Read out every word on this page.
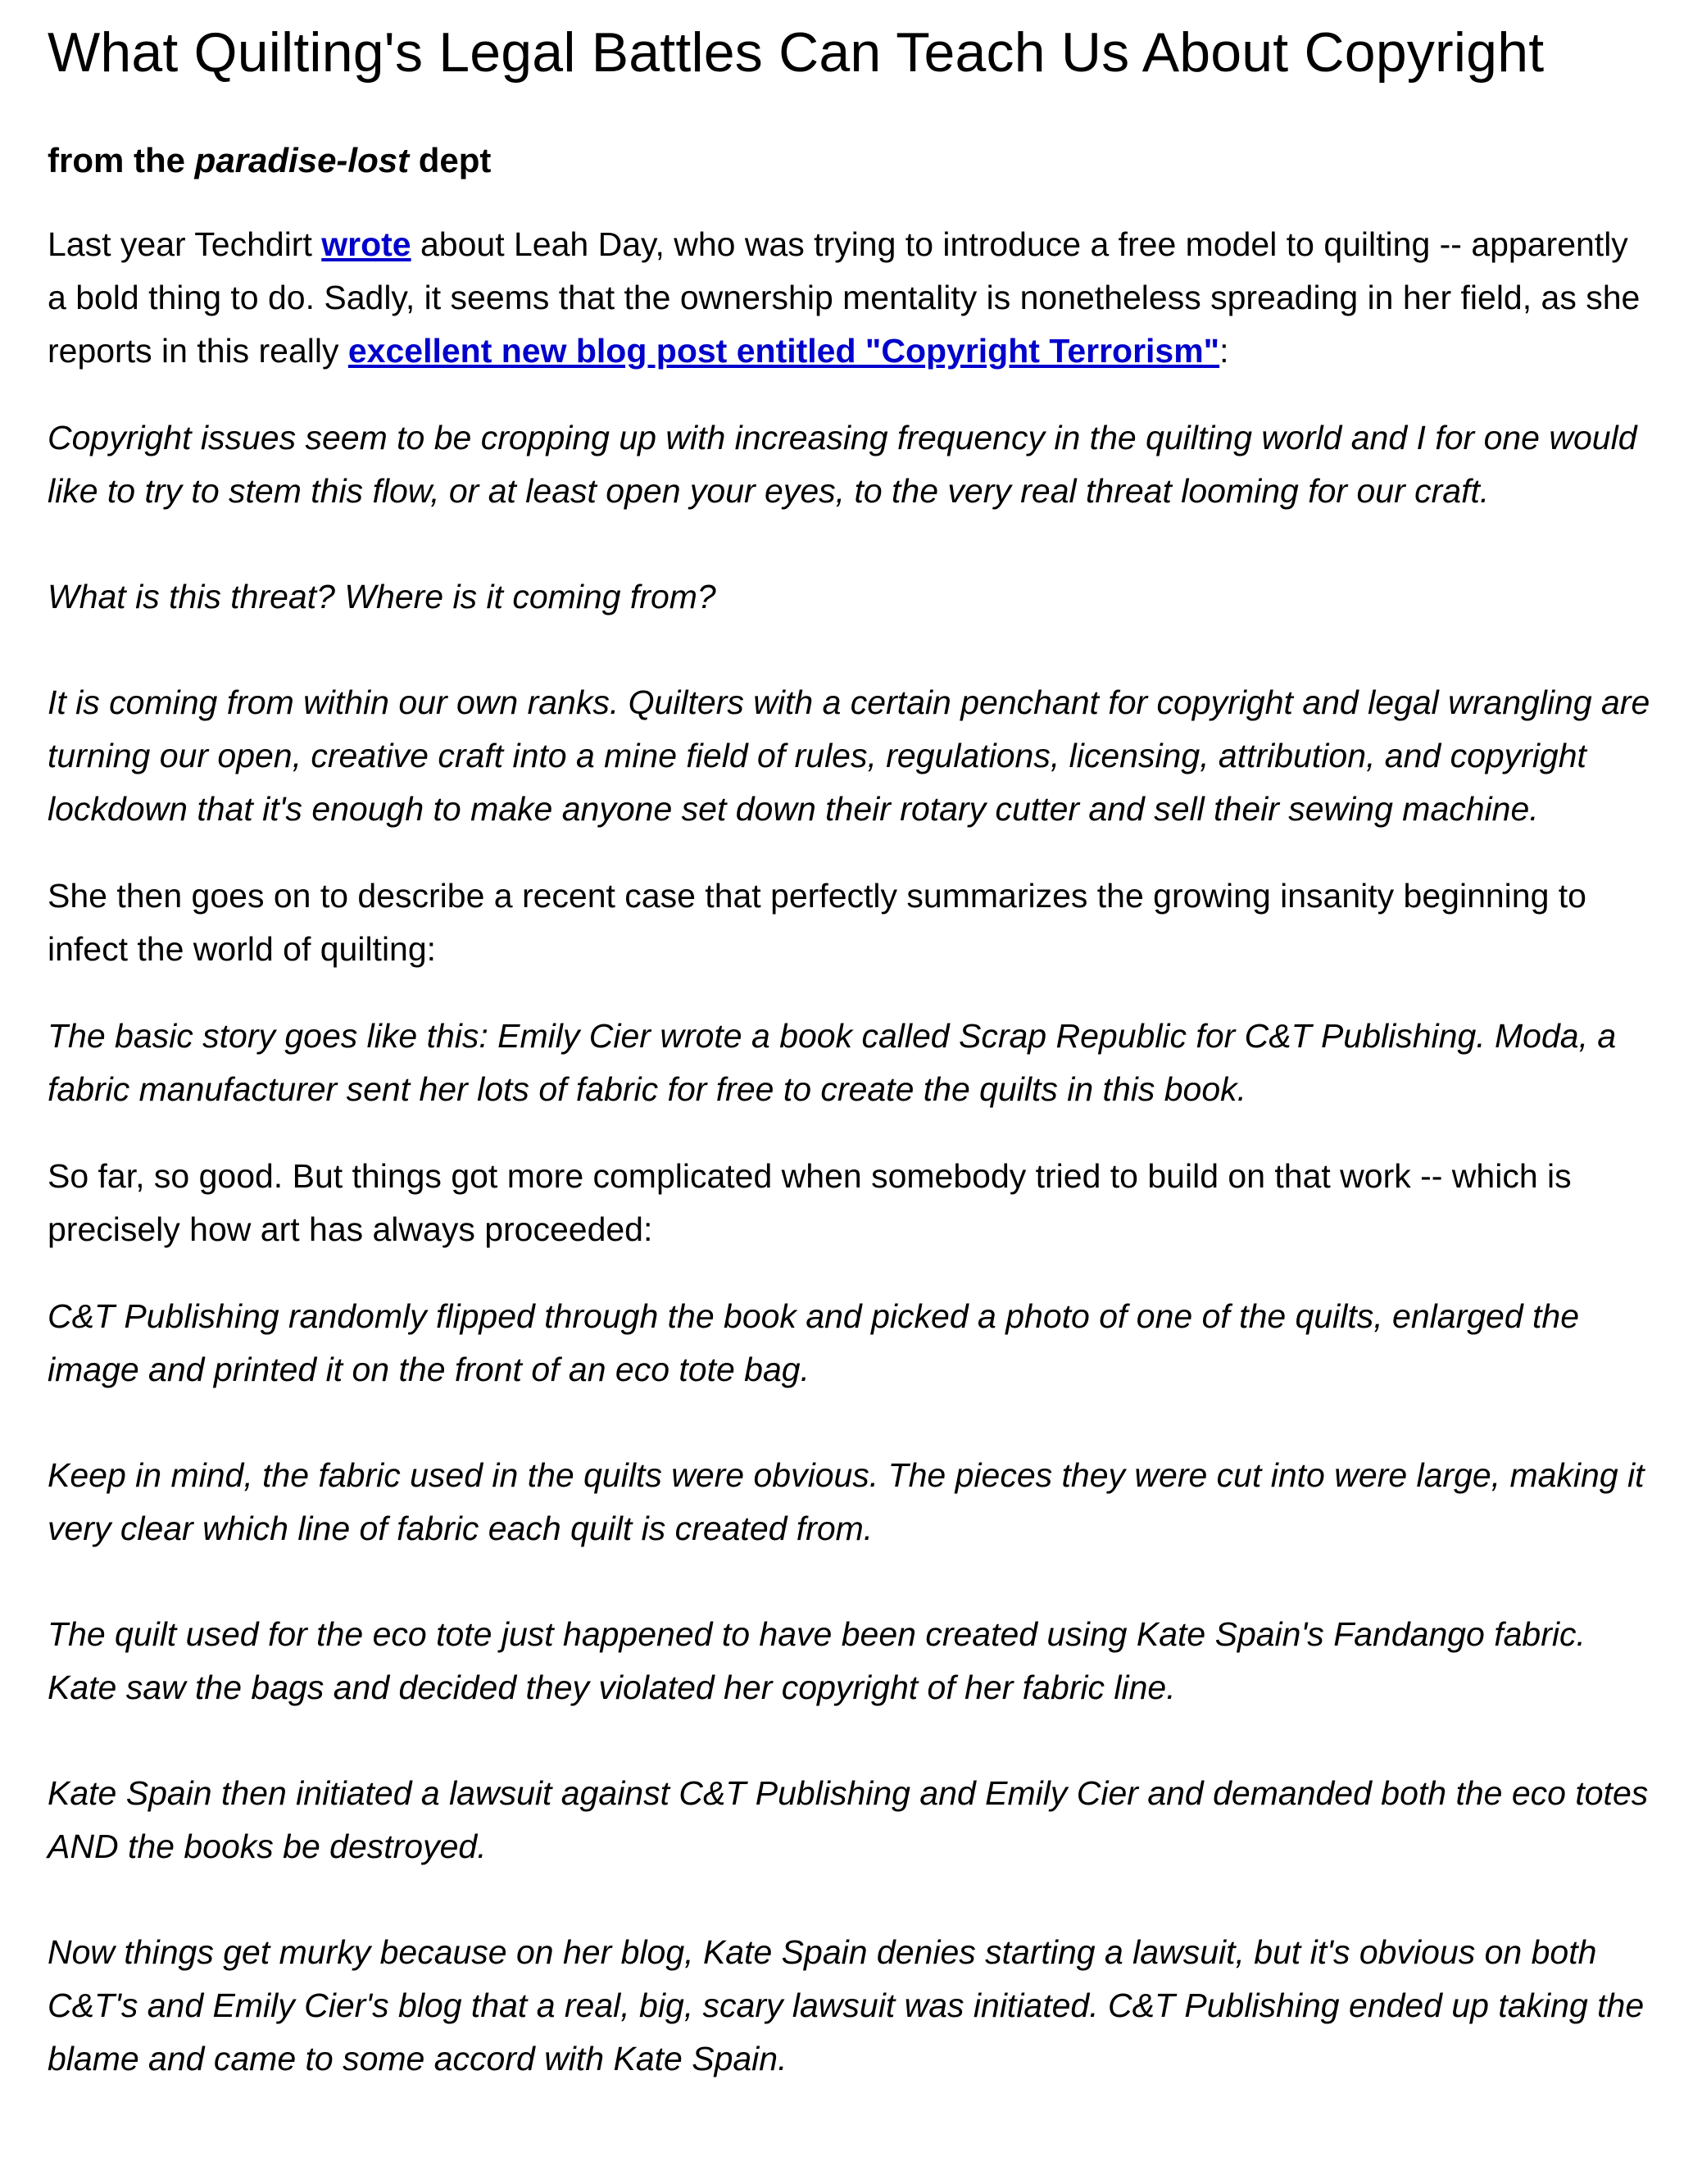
What Quilting's Legal Battles Can Teach Us About Copyright
from the paradise-lost dept

Last year Techdirt wrote about Leah Day, who was trying to introduce a free model to quilting -- apparently a bold thing to do. Sadly, it seems that the ownership mentality is nonetheless spreading in her field, as she reports in this really excellent new blog post entitled "Copyright Terrorism":

Copyright issues seem to be cropping up with increasing frequency in the quilting world and I for one would like to try to stem this flow, or at least open your eyes, to the very real threat looming for our craft.

What is this threat? Where is it coming from?

It is coming from within our own ranks. Quilters with a certain penchant for copyright and legal wrangling are turning our open, creative craft into a mine field of rules, regulations, licensing, attribution, and copyright lockdown that it's enough to make anyone set down their rotary cutter and sell their sewing machine.

She then goes on to describe a recent case that perfectly summarizes the growing insanity beginning to infect the world of quilting:

The basic story goes like this: Emily Cier wrote a book called Scrap Republic for C&T Publishing. Moda, a fabric manufacturer sent her lots of fabric for free to create the quilts in this book.

So far, so good. But things got more complicated when somebody tried to build on that work -- which is precisely how art has always proceeded:

C&T Publishing randomly flipped through the book and picked a photo of one of the quilts, enlarged the image and printed it on the front of an eco tote bag.

Keep in mind, the fabric used in the quilts were obvious. The pieces they were cut into were large, making it very clear which line of fabric each quilt is created from.

The quilt used for the eco tote just happened to have been created using Kate Spain's Fandango fabric. Kate saw the bags and decided they violated her copyright of her fabric line.

Kate Spain then initiated a lawsuit against C&T Publishing and Emily Cier and demanded both the eco totes AND the books be destroyed.

Now things get murky because on her blog, Kate Spain denies starting a lawsuit, but it's obvious on both C&T's and Emily Cier's blog that a real, big, scary lawsuit was initiated. C&T Publishing ended up taking the blame and came to some accord with Kate Spain.
